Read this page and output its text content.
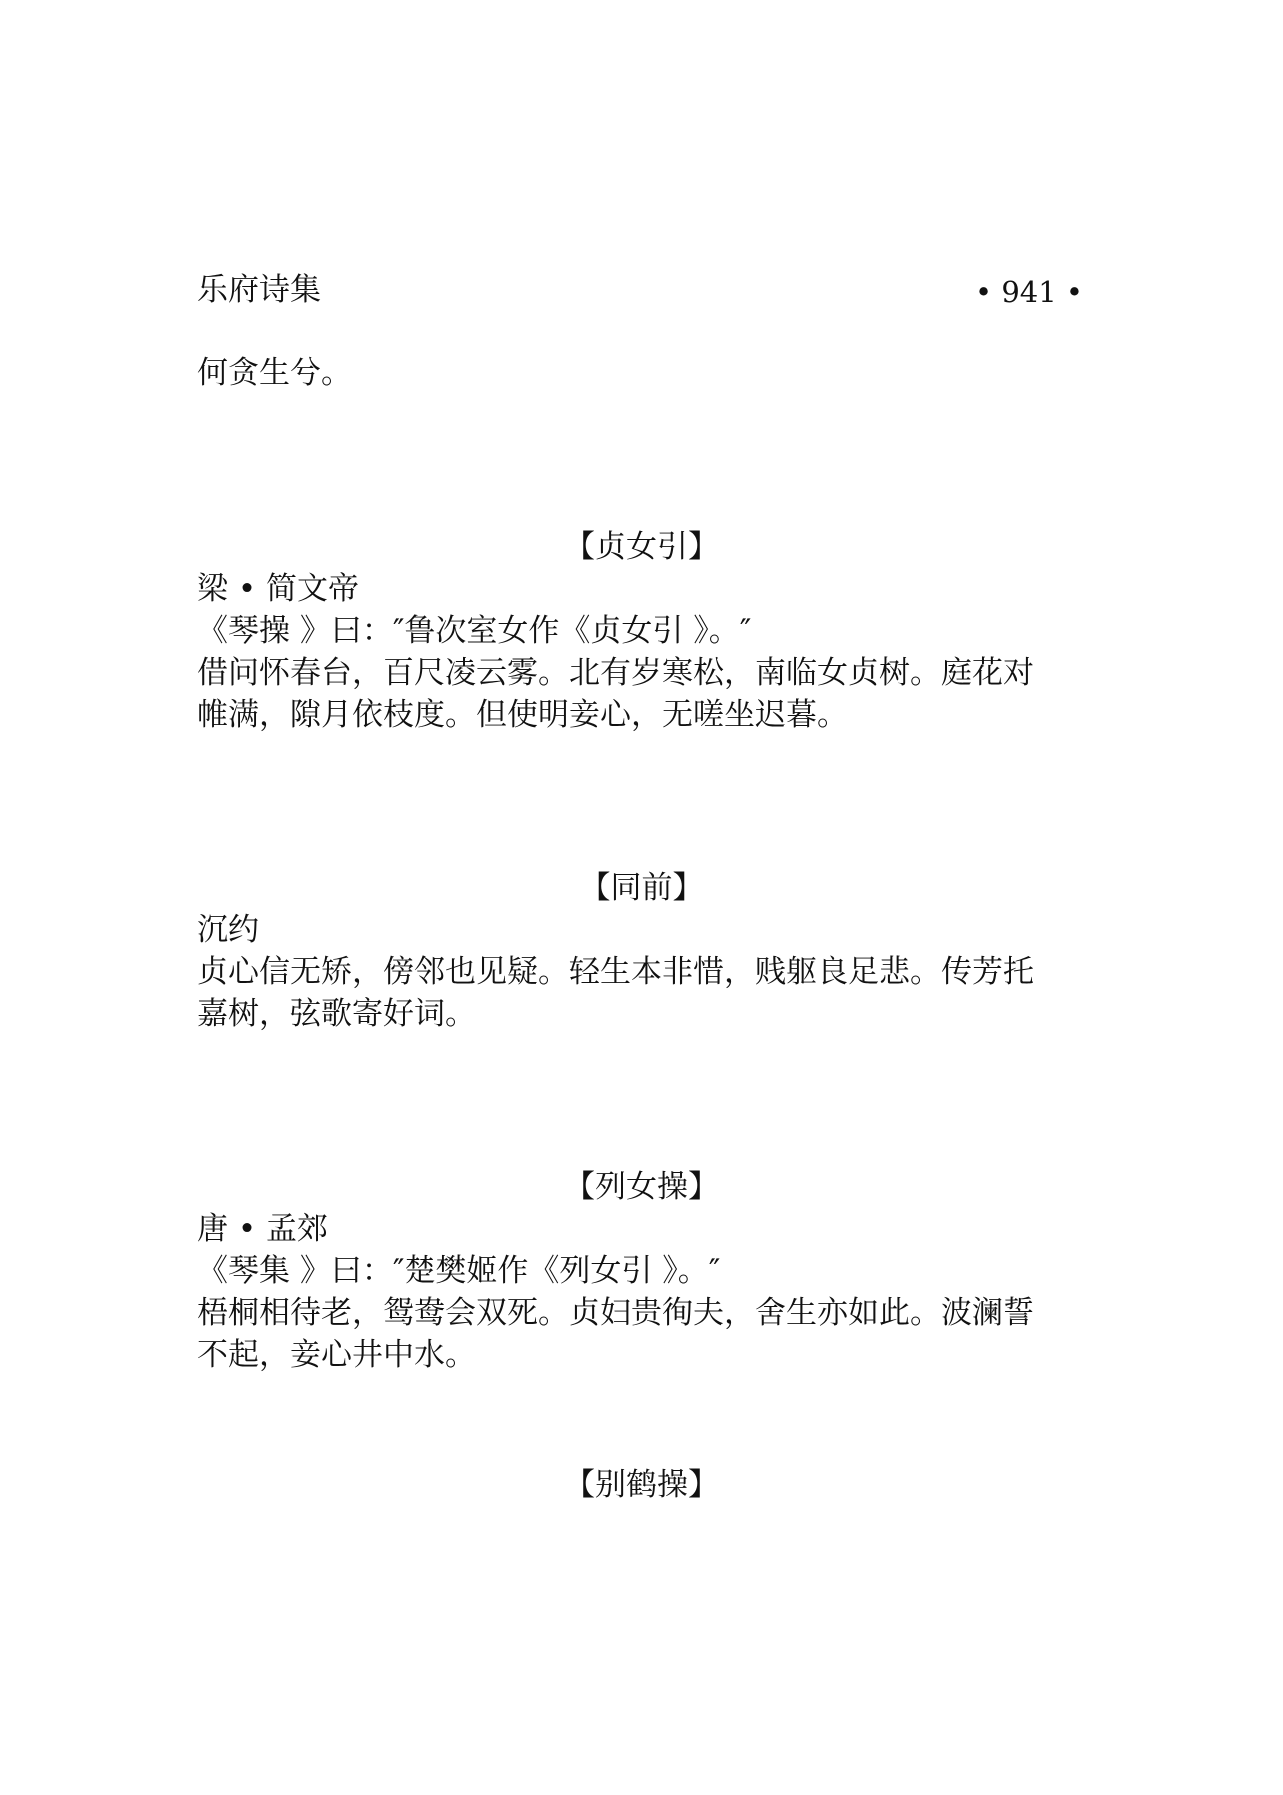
乐府诗集	• 941 •
何贪生兮。
【贞女引】
梁 • 简文帝
《琴操 》曰：″鲁次室女作《贞女引 》。″
借问怀春台，百尺凌云雾。北有岁寒松，南临女贞树。庭花对
帷满，隙月依枝度。但使明妾心，无嗟坐迟暮。
【同前】
沉约
贞心信无矫，傍邻也见疑。轻生本非惜，贱躯良足悲。传芳托
嘉树，弦歌寄好词。
【列女操】
唐 • 孟郊
《琴集 》曰：″楚樊姬作《列女引 》。″
梧桐相待老，鸳鸯会双死。贞妇贵徇夫，舍生亦如此。波澜誓
不起，妾心井中水。
【别鹤操】
